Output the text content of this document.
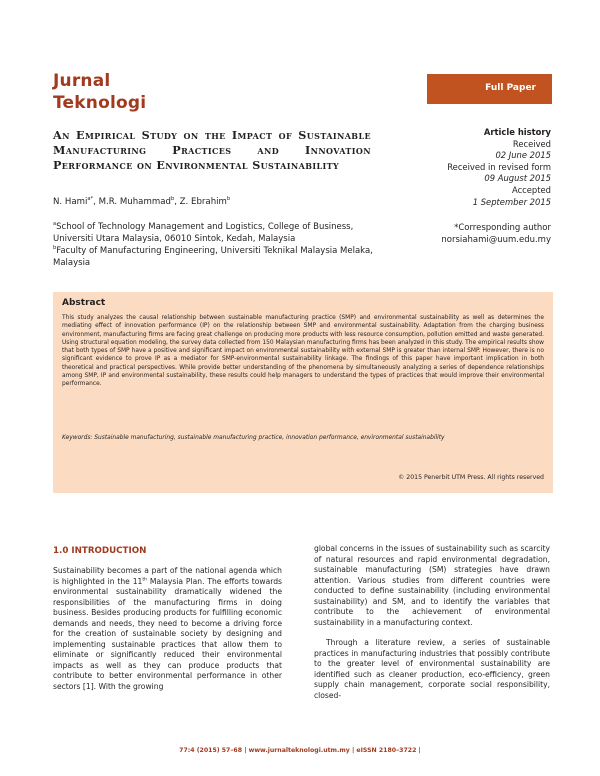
Jurnal
Teknologi
Full Paper
An Empirical Study on the Impact of Sustainable Manufacturing Practices and Innovation Performance on Environmental Sustainability
Article history
Received
02 June 2015
Received in revised form
09 August 2015
Accepted
1 September 2015
N. Hami$^{a*}$, M.R. Muhammad$^b$, Z. Ebrahim$^b$
$^a$School of Technology Management and Logistics, College of Business, Universiti Utara Malaysia, 06010 Sintok, Kedah, Malaysia
$^b$Faculty of Manufacturing Engineering, Universiti Teknikal Malaysia Melaka, Malaysia
*Corresponding author
norsiahami@uum.edu.my
Abstract
This study analyzes the causal relationship between sustainable manufacturing practice (SMP) and environmental sustainability as well as determines the mediating effect of innovation performance (IP) on the relationship between SMP and environmental sustainability. Adaptation from the charging business environment, manufacturing firms are facing great challenge on producing more products with less resource consumption, pollution emitted and waste generated. Using structural equation modeling, the survey data collected from 150 Malaysian manufacturing firms has been analyzed in this study. The empirical results show that both types of SMP have a positive and significant impact on environmental sustainability with external SMP is greater than internal SMP. However, there is no significant evidence to prove IP as a mediator for SMP-environmental sustainability linkage. The findings of this paper have important implication in both theoretical and practical perspectives. While provide better understanding of the phenomena by simultaneously analyzing a series of dependence relationships among SMP, IP and environmental sustainability, these results could help managers to understand the types of practices that would improve their environmental performance.
Keywords: Sustainable manufacturing, sustainable manufacturing practice, innovation performance, environmental sustainability
© 2015 Penerbit UTM Press. All rights reserved
1.0 INTRODUCTION
Sustainability becomes a part of the national agenda which is highlighted in the 11th Malaysia Plan. The efforts towards environmental sustainability dramatically widened the responsibilities of the manufacturing firms in doing business. Besides producing products for fulfilling economic demands and needs, they need to become a driving force for the creation of sustainable society by designing and implementing sustainable practices that allow them to eliminate or significantly reduced their environmental impacts as well as they can produce products that contribute to better environmental performance in other sectors [1]. With the growing

global concerns in the issues of sustainability such as scarcity of natural resources and rapid environmental degradation, sustainable manufacturing (SM) strategies have drawn attention. Various studies from different countries were conducted to define sustainability (including environmental sustainability) and SM, and to identify the variables that contribute to the achievement of environmental sustainability in a manufacturing context.

Through a literature review, a series of sustainable practices in manufacturing industries that possibly contribute to the greater level of environmental sustainability are identified such as cleaner production, eco-efficiency, green supply chain management, corporate social responsibility, closed-

77:4 (2015) 57–68 | www.jurnalteknologi.utm.my | eISSN 2180–3722 |
